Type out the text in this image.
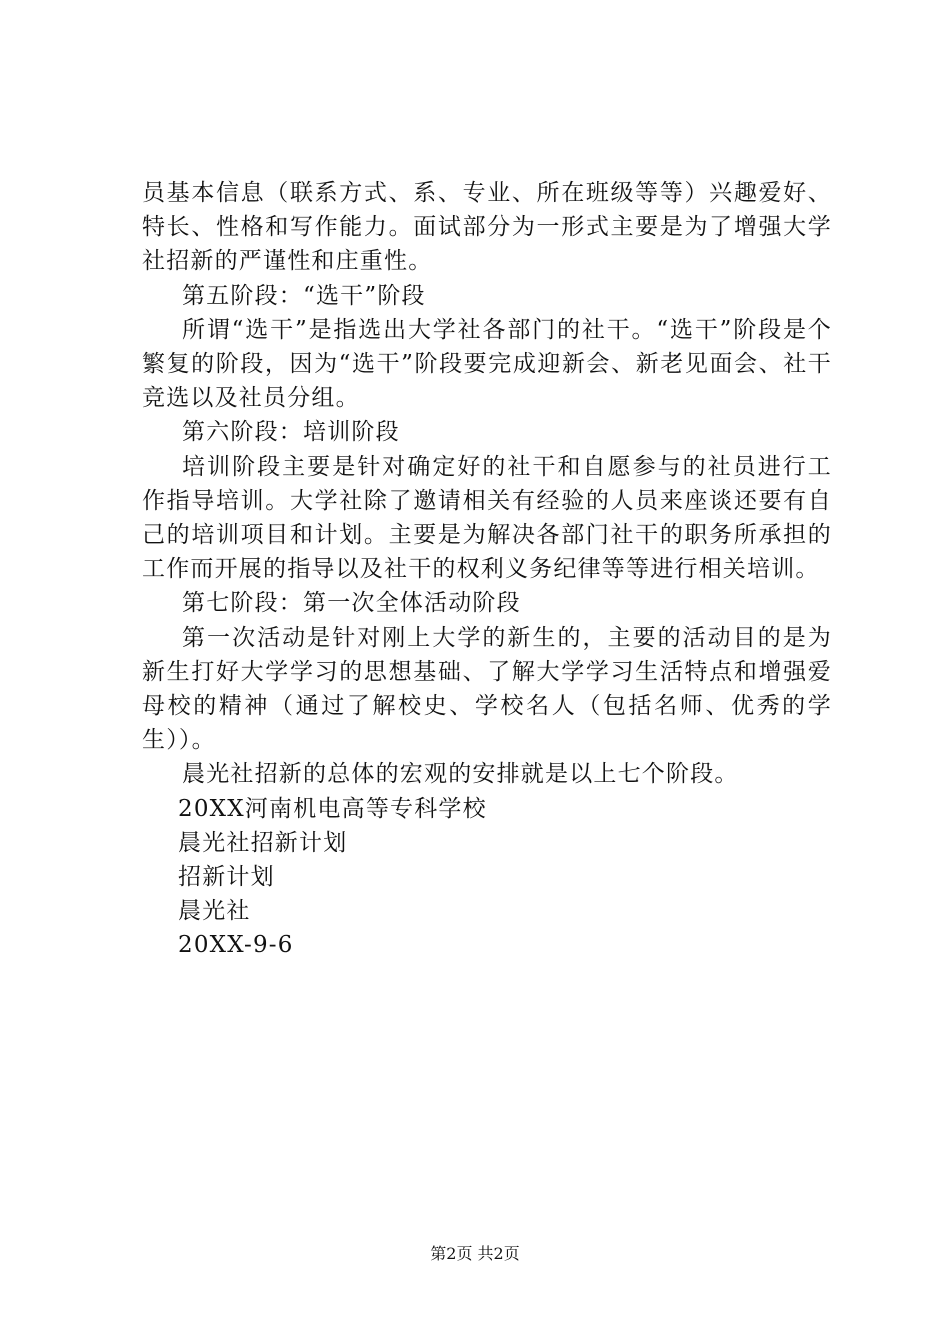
员基本信息（联系方式、系、专业、所在班级等等）兴趣爱好、特长、性格和写作能力。面试部分为一形式主要是为了增强大学社招新的严谨性和庄重性。

第五阶段：“选干”阶段

所谓“选干”是指选出大学社各部门的社干。“选干”阶段是个繁复的阶段，因为“选干”阶段要完成迎新会、新老见面会、社干竞选以及社员分组。

第六阶段：培训阶段

培训阶段主要是针对确定好的社干和自愿参与的社员进行工作指导培训。大学社除了邀请相关有经验的人员来座谈还要有自己的培训项目和计划。主要是为解决各部门社干的职务所承担的工作而开展的指导以及社干的权利义务纪律等等进行相关培训。

第七阶段：第一次全体活动阶段

第一次活动是针对刚上大学的新生的，主要的活动目的是为新生打好大学学习的思想基础、了解大学学习生活特点和增强爱母校的精神（通过了解校史、学校名人（包括名师、优秀的学生））。

晨光社招新的总体的宏观的安排就是以上七个阶段。

20XX河南机电高等专科学校

晨光社招新计划

招新计划

晨光社

20XX-9-6

第2页 共2页
